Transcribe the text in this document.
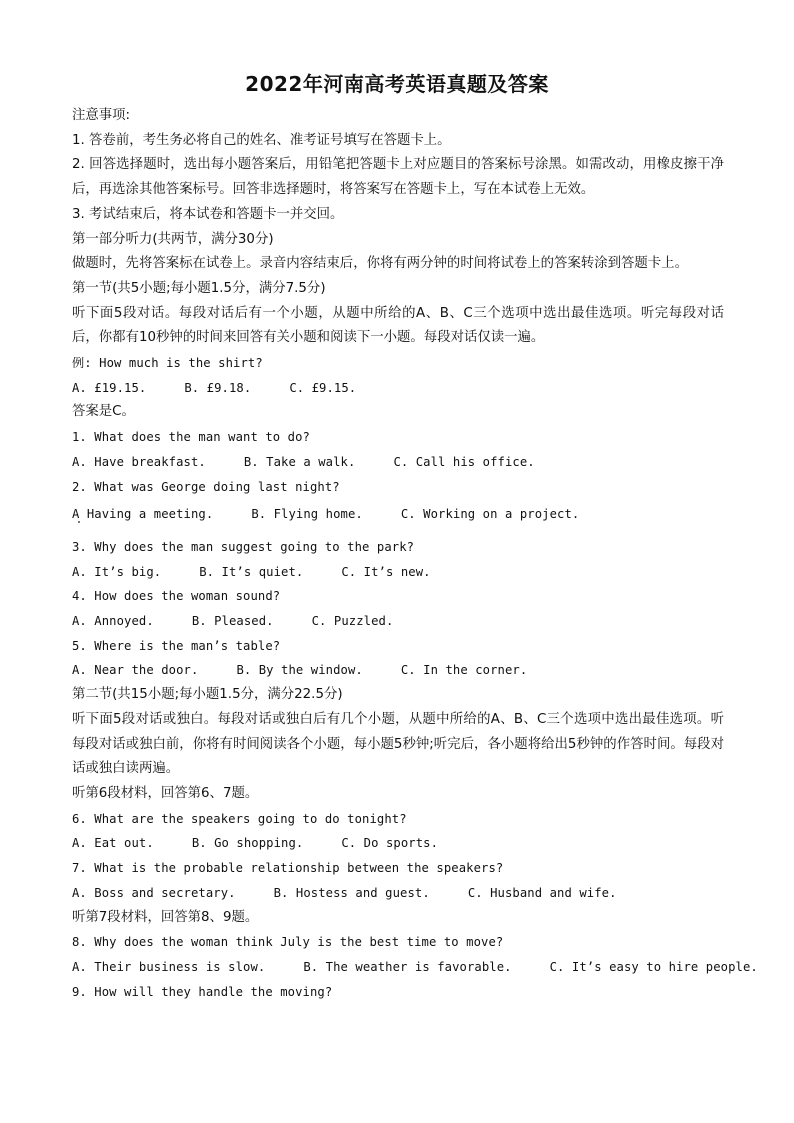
2022年河南高考英语真题及答案
注意事项:
1. 答卷前，考生务必将自己的姓名、准考证号填写在答题卡上。
2. 回答选择题时，选出每小题答案后，用铅笔把答题卡上对应题目的答案标号涂黑。如需改动，用橡皮擦干净后，再选涂其他答案标号。回答非选择题时，将答案写在答题卡上，写在本试卷上无效。
3. 考试结束后，将本试卷和答题卡一并交回。
第一部分听力(共两节，满分30分)
做题时，先将答案标在试卷上。录音内容结束后，你将有两分钟的时间将试卷上的答案转涂到答题卡上。
第一节(共5小题;每小题1.5分，满分7.5分)
听下面5段对话。每段对话后有一个小题，从题中所给的A、B、C三个选项中选出最佳选项。听完每段对话后，你都有10秒钟的时间来回答有关小题和阅读下一小题。每段对话仅读一遍。
例: How much is the shirt?
A. £19.15.	B. £9.18.	C. £9.15.
答案是C。
1. What does the man want to do?
A. Have breakfast.	B. Take a walk.	C. Call his office.
2. What was George doing last night?
A Having a meeting.	B. Flying home.	C. Working on a project.
3. Why does the man suggest going to the park?
A. It’s big.	B. It’s quiet.	C. It’s new.
4. How does the woman sound?
A. Annoyed.	B. Pleased.	C. Puzzled.
5. Where is the man’s table?
A. Near the door.	B. By the window.	C. In the corner.
第二节(共15小题;每小题1.5分，满分22.5分)
听下面5段对话或独白。每段对话或独白后有几个小题，从题中所给的A、B、C三个选项中选出最佳选项。听每段对话或独白前，你将有时间阅读各个小题，每小题5秒钟;听完后，各小题将给出5秒钟的作答时间。每段对话或独白读两遍。
听第6段材料，回答第6、7题。
6. What are the speakers going to do tonight?
A. Eat out.	B. Go shopping.	C. Do sports.
7. What is the probable relationship between the speakers?
A. Boss and secretary.	B. Hostess and guest.	C. Husband and wife.
听第7段材料，回答第8、9题。
8. Why does the woman think July is the best time to move?
A. Their business is slow.	B. The weather is favorable.	C. It’s easy to hire people.
9. How will they handle the moving?
